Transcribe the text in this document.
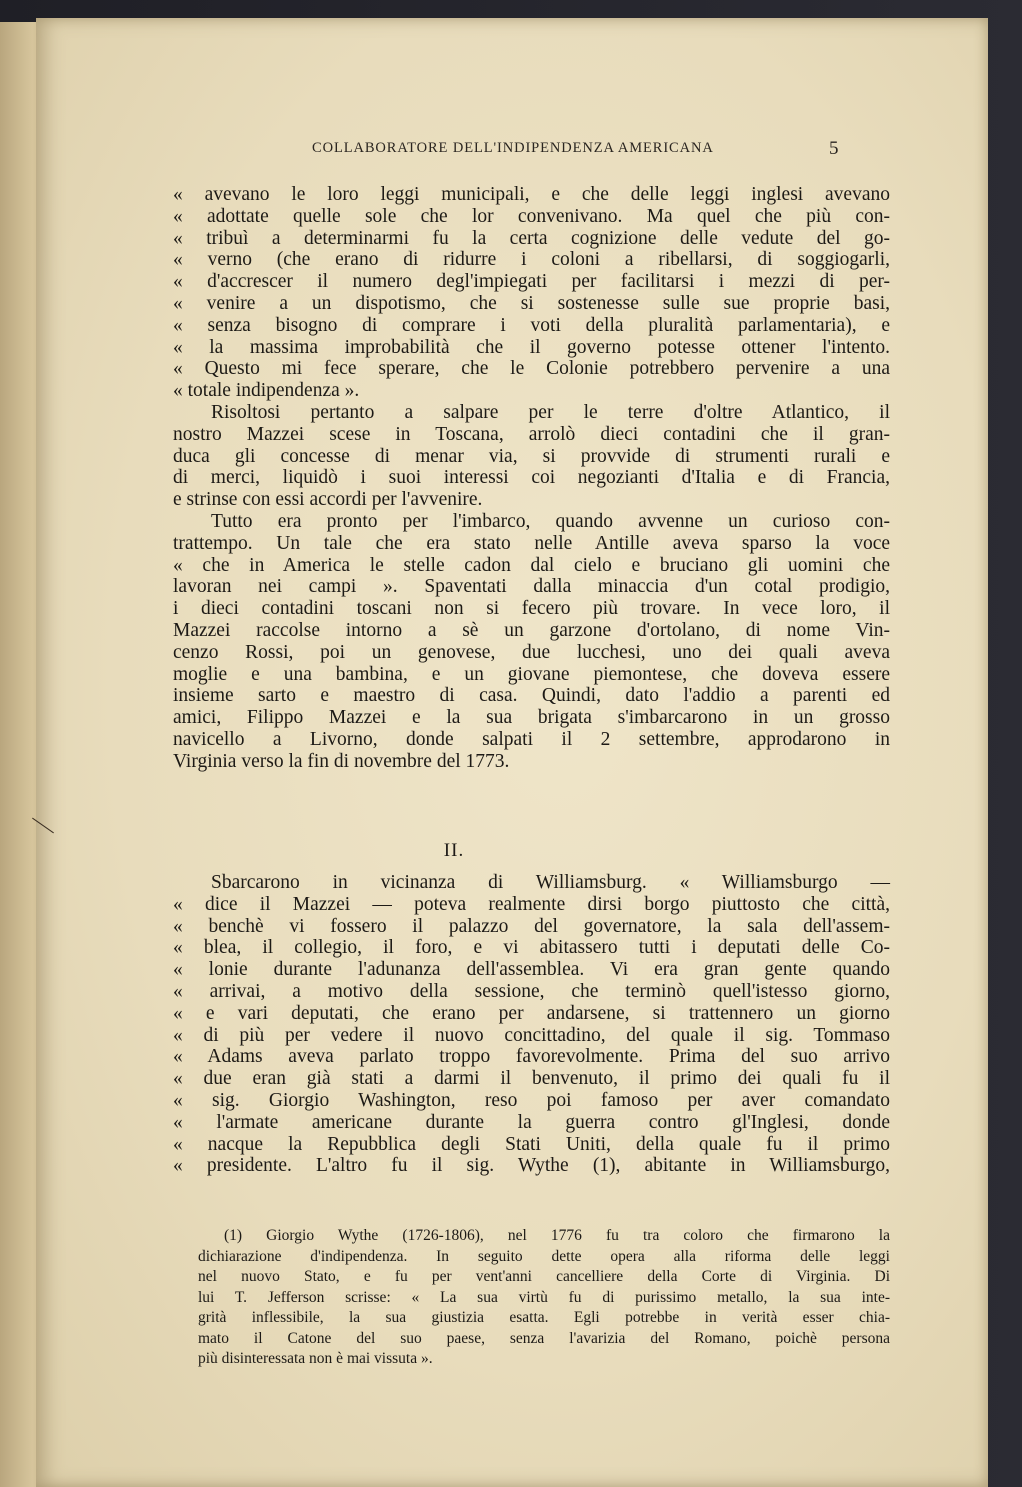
COLLABORATORE DELL'INDIPENDENZA AMERICANA	5
« avevano le loro leggi municipali, e che delle leggi inglesi avevano
« adottate quelle sole che lor convenivano. Ma quel che più con-
« tribuì a determinarmi fu la certa cognizione delle vedute del go-
« verno (che erano di ridurre i coloni a ribellarsi, di soggiogarli,
« d'accrescer il numero degl'impiegati per facilitarsi i mezzi di per-
« venire a un dispotismo, che si sostenesse sulle sue proprie basi,
« senza bisogno di comprare i voti della pluralità parlamentaria), e
« la massima improbabilità che il governo potesse ottener l'intento.
« Questo mi fece sperare, che le Colonie potrebbero pervenire a una
« totale indipendenza ».
Risoltosi pertanto a salpare per le terre d'oltre Atlantico, il
nostro Mazzei scese in Toscana, arrolò dieci contadini che il gran-
duca gli concesse di menar via, si provvide di strumenti rurali e
di merci, liquidò i suoi interessi coi negozianti d'Italia e di Francia,
e strinse con essi accordi per l'avvenire.
Tutto era pronto per l'imbarco, quando avvenne un curioso con-
trattempo. Un tale che era stato nelle Antille aveva sparso la voce
« che in America le stelle cadon dal cielo e bruciano gli uomini che
lavoran nei campi ». Spaventati dalla minaccia d'un cotal prodigio,
i dieci contadini toscani non si fecero più trovare. In vece loro, il
Mazzei raccolse intorno a sè un garzone d'ortolano, di nome Vin-
cenzo Rossi, poi un genovese, due lucchesi, uno dei quali aveva
moglie e una bambina, e un giovane piemontese, che doveva essere
insieme sarto e maestro di casa. Quindi, dato l'addio a parenti ed
amici, Filippo Mazzei e la sua brigata s'imbarcarono in un grosso
navicello a Livorno, donde salpati il 2 settembre, approdarono in
Virginia verso la fin di novembre del 1773.
II.
Sbarcarono in vicinanza di Williamsburg. « Williamsburgo —
« dice il Mazzei — poteva realmente dirsi borgo piuttosto che città,
« benchè vi fossero il palazzo del governatore, la sala dell'assem-
« blea, il collegio, il foro, e vi abitassero tutti i deputati delle Co-
« lonie durante l'adunanza dell'assemblea. Vi era gran gente quando
« arrivai, a motivo della sessione, che terminò quell'istesso giorno,
« e vari deputati, che erano per andarsene, si trattennero un giorno
« di più per vedere il nuovo concittadino, del quale il sig. Tommaso
« Adams aveva parlato troppo favorevolmente. Prima del suo arrivo
« due eran già stati a darmi il benvenuto, il primo dei quali fu il
« sig. Giorgio Washington, reso poi famoso per aver comandato
« l'armate americane durante la guerra contro gl'Inglesi, donde
« nacque la Repubblica degli Stati Uniti, della quale fu il primo
« presidente. L'altro fu il sig. Wythe (1), abitante in Williamsburgo,
(1) Giorgio Wythe (1726-1806), nel 1776 fu tra coloro che firmarono la
dichiarazione d'indipendenza. In seguito dette opera alla riforma delle leggi
nel nuovo Stato, e fu per vent'anni cancelliere della Corte di Virginia. Di
lui T. Jefferson scrisse: « La sua virtù fu di purissimo metallo, la sua inte-
grità inflessibile, la sua giustizia esatta. Egli potrebbe in verità esser chia-
mato il Catone del suo paese, senza l'avarizia del Romano, poichè persona
più disinteressata non è mai vissuta ».
